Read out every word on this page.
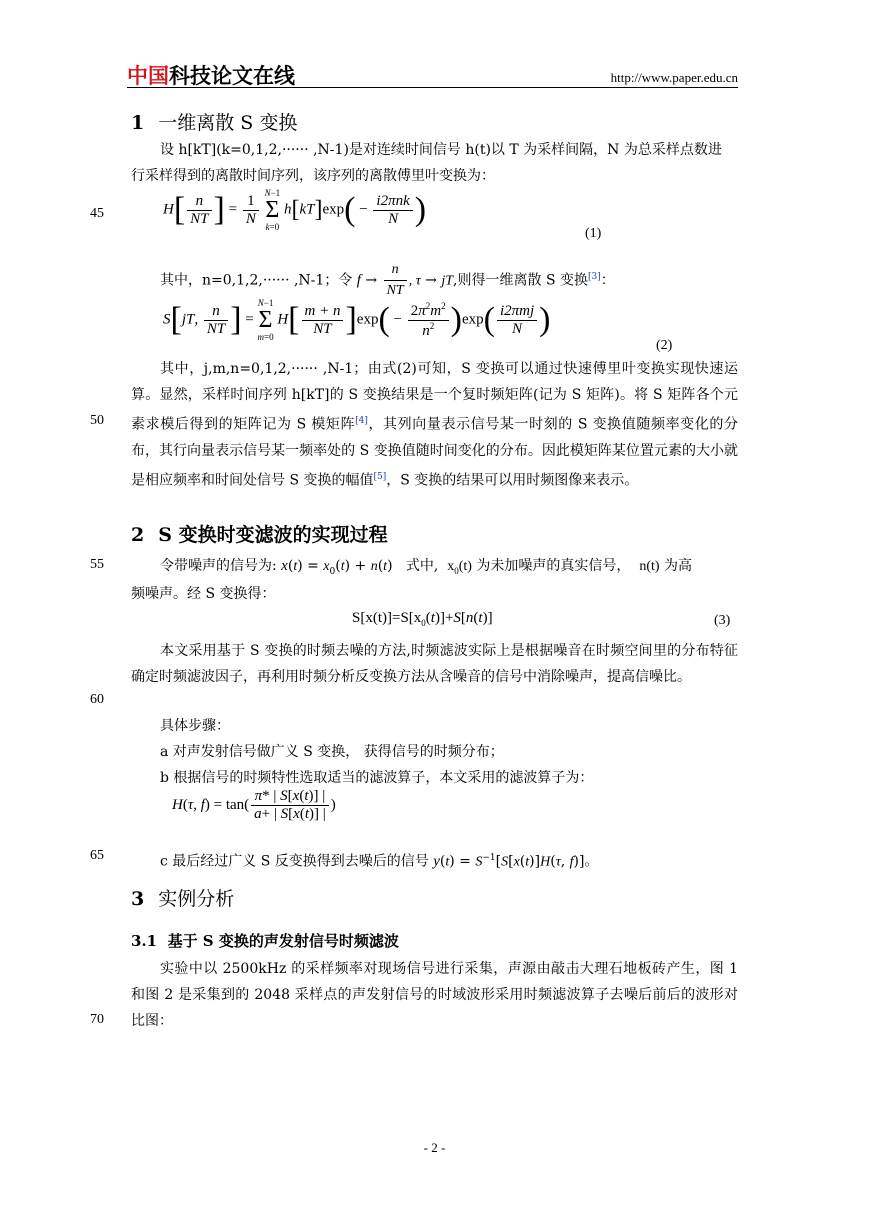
中国科技论文在线	http://www.paper.edu.cn
45
50
55
60
65
70
1 一维离散 S 变换
设 h[kT](k=0,1,2,······ ,N-1)是对连续时间信号 h(t)以 T 为采样间隔，N 为总采样点数进
行采样得到的离散时间序列，该序列的离散傅里叶变换为：
$H[ \frac{n}{NT}$ ] = $\frac{1}{N} N-1$
Σ
k=0 $h[kT]\exp( - \frac{\text{i2πnk}}{N}$ )
(1)
其中，n=0,1,2,······ ,N-1；令 $f \to \frac{n}{NT}$ , τ → jT,则得一维离散 S 变换[3]：
S[jT, $\frac{n}{NT}$ ] = N−1
Σ
m=0 $H[ \frac{m + n}{NT} ]\exp( - \frac{2\pi^2m^2}{n^2} )\exp( \frac{\text{i2πmj}}{N}$ )
(2)
其中，j,m,n=0,1,2,······ ,N-1；由式(2)可知，S 变换可以通过快速傅里叶变换实现快速运算。显然，采样时间序列 h[kT]的 S 变换结果是一个复时频矩阵(记为 S 矩阵)。将 S 矩阵各个元素求模后得到的矩阵记为 S 模矩阵[4]，其列向量表示信号某一时刻的 S 变换值随频率变化的分布，其行向量表示信号某一频率处的 S 变换值随时间变化的分布。因此模矩阵某位置元素的大小就是相应频率和时间处信号 S 变换的幅值[5]，S 变换的结果可以用时频图像来表示。
2 S 变换时变滤波的实现过程
令带噪声的信号为: $x(t) = x_0(t) + n(t)$   式中, $x_0(t)$ 为未加噪声的真实信号， n(t) 为高
频噪声。经 S 变换得：
$S[x(t)]=S[x_0(t)]+S[n(t)]$	(3)
本文采用基于 S 变换的时频去噪的方法,时频滤波实际上是根据噪音在时频空间里的分布特征确定时频滤波因子，再利用时频分析反变换方法从含噪音的信号中消除噪声，提高信噪比。
具体步骤：
a 对声发射信号做广义 S 变换， 获得信号的时频分布；
b 根据信号的时频特性选取适当的滤波算子，本文采用的滤波算子为：
H(τ, $f) = \tan( \frac{\pi* | S[x(t)] |}{a+ | S[x(t)] |}$ )
c 最后经过广义 S 反变换得到去噪后的信号 $y(t) = S^{-1}[S[x(t)]H(\tau$, f)]。
3 实例分析
3.1 基于 S 变换的声发射信号时频滤波
实验中以 2500kHz 的采样频率对现场信号进行采集，声源由敲击大理石地板砖产生，图 1 和图 2 是采集到的 2048 采样点的声发射信号的时域波形采用时频滤波算子去噪后前后的波形对比图：
- 2 -
